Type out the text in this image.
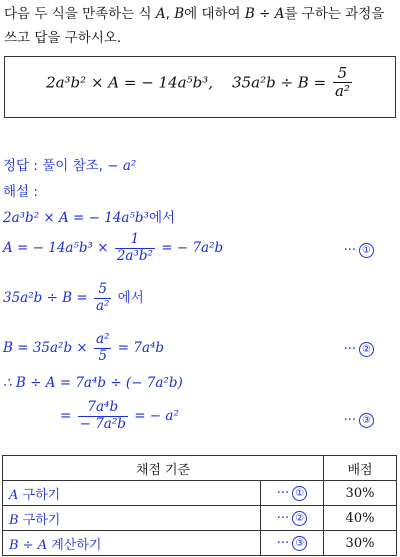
다음 두 식을 만족하는 식 A, B에 대하여 B ÷ A를 구하는 과정을 쓰고 답을 구하시오.
2a³b² × A = − 14a⁵b³, $35a^2b \div B = \frac{5}{\text{a²}}$
정답 : 풀이 참조, − a²
해설 :
2a³b² × A = − 14a⁵b³에서
A = − $14a^5b^3 \times \frac{1}{\text{2a³b²}}$ = − 7a²b	··· ①
$35a^2b \div B = \frac{5}{\text{a²}}$ 에서
$B = 35a^2b \times \frac{\text{a²}}{5} = 7a^4b$	··· ②
∴ B ÷ A = 7a⁴b ÷ (− 7a²b)
= $\frac{\text{7a⁴b}}{\text{− 7a²b}}$ = − a²	··· ③
채점 기준		배점
A 구하기	··· ①	30%
B 구하기	··· ②	40%
B ÷ A 계산하기	··· ③	30%
